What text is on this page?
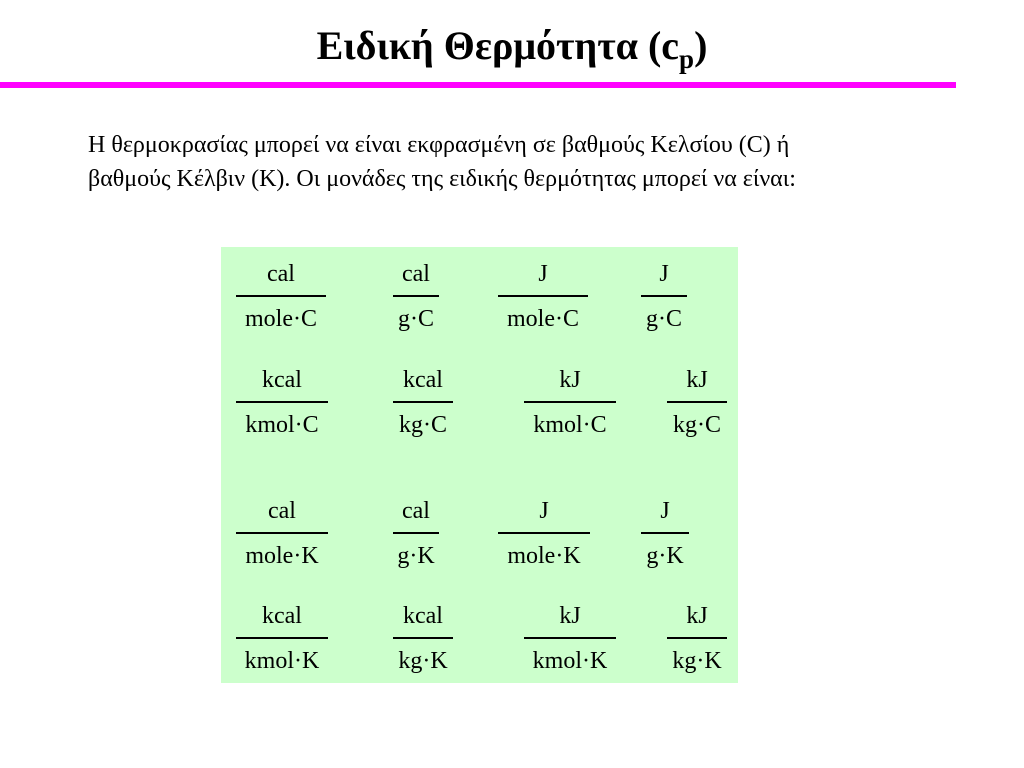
Ειδική Θερμότητα $(c_p)$
Η θερμοκρασίας μπορεί να είναι εκφρασμένη σε βαθμούς Κελσίου (C) ή
βαθμούς Κέλβιν (K). Οι μονάδες της ειδικής θερμότητας μπορεί να είναι:
cal
mole·C
cal
g·C
J
mole·C
J
g·C
kcal
kmol·C
kcal
kg·C
kJ
kmol·C
kJ
kg·C
cal
mole·K
cal
g·K
J
mole·K
J
g·K
kcal
kmol·K
kcal
kg·K
kJ
kmol·K
kJ
kg·K
